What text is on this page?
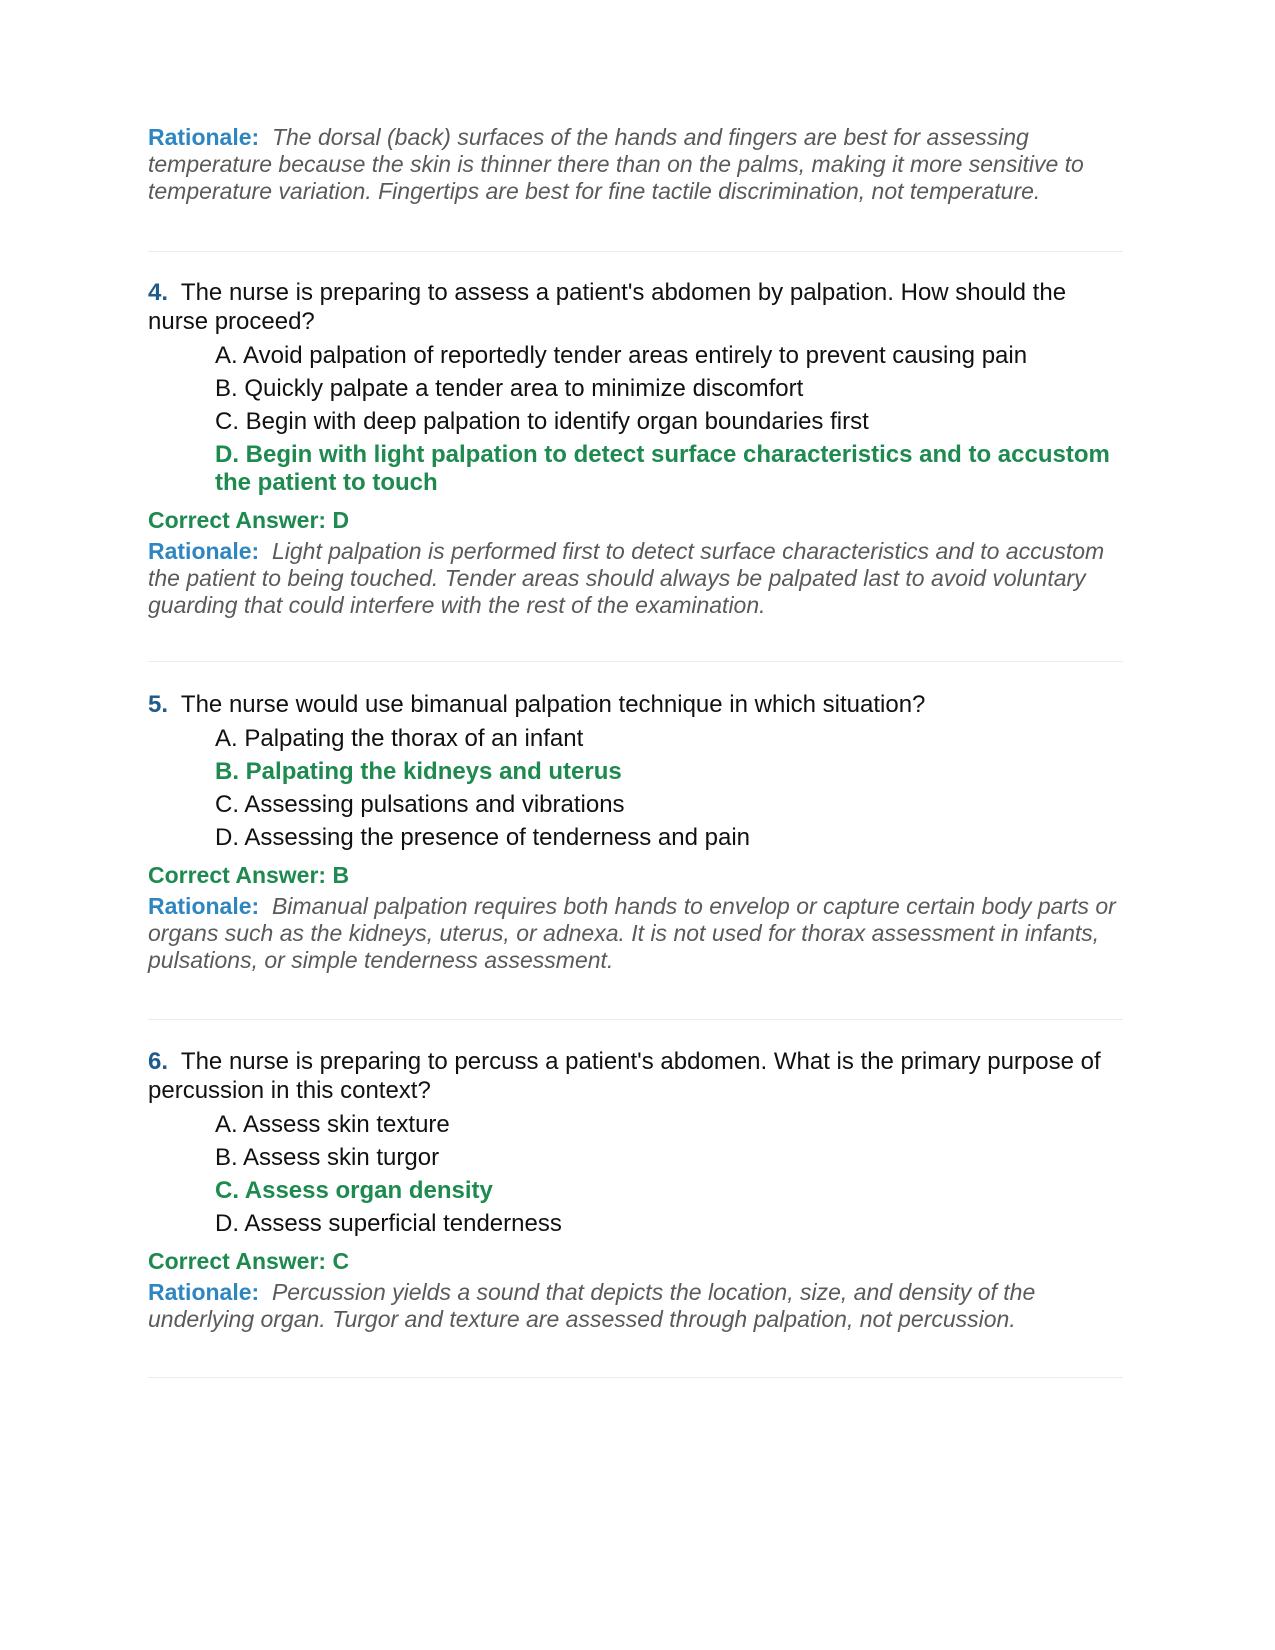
Rationale: The dorsal (back) surfaces of the hands and fingers are best for assessing temperature because the skin is thinner there than on the palms, making it more sensitive to temperature variation. Fingertips are best for fine tactile discrimination, not temperature.
4. The nurse is preparing to assess a patient's abdomen by palpation. How should the nurse proceed?
A. Avoid palpation of reportedly tender areas entirely to prevent causing pain
B. Quickly palpate a tender area to minimize discomfort
C. Begin with deep palpation to identify organ boundaries first
D. Begin with light palpation to detect surface characteristics and to accustom the patient to touch
Correct Answer: D
Rationale: Light palpation is performed first to detect surface characteristics and to accustom the patient to being touched. Tender areas should always be palpated last to avoid voluntary guarding that could interfere with the rest of the examination.
5. The nurse would use bimanual palpation technique in which situation?
A. Palpating the thorax of an infant
B. Palpating the kidneys and uterus
C. Assessing pulsations and vibrations
D. Assessing the presence of tenderness and pain
Correct Answer: B
Rationale: Bimanual palpation requires both hands to envelop or capture certain body parts or organs such as the kidneys, uterus, or adnexa. It is not used for thorax assessment in infants, pulsations, or simple tenderness assessment.
6. The nurse is preparing to percuss a patient's abdomen. What is the primary purpose of percussion in this context?
A. Assess skin texture
B. Assess skin turgor
C. Assess organ density
D. Assess superficial tenderness
Correct Answer: C
Rationale: Percussion yields a sound that depicts the location, size, and density of the underlying organ. Turgor and texture are assessed through palpation, not percussion.
